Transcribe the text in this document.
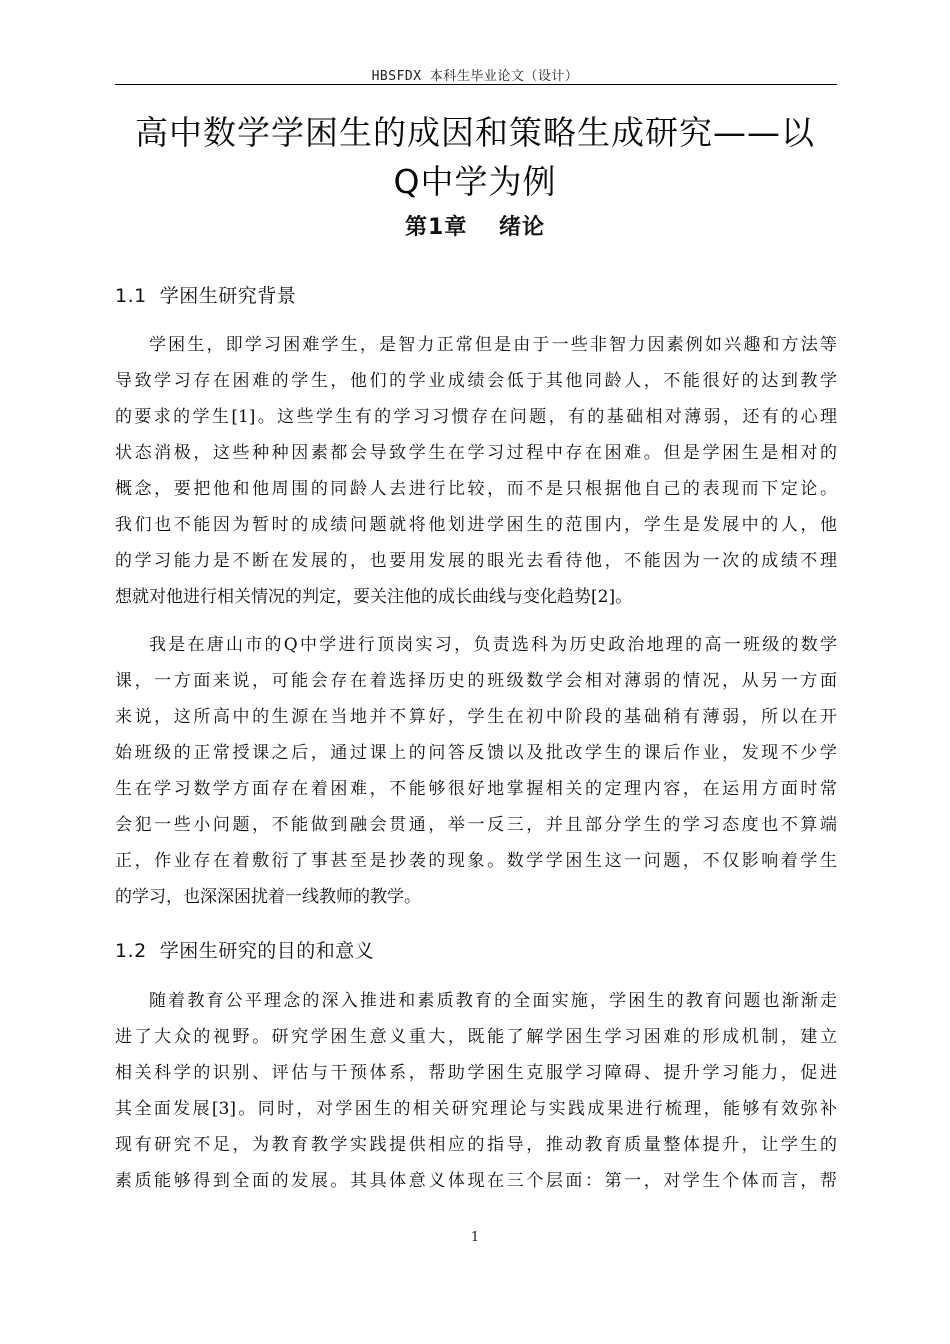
HBSFDX 本科生毕业论文（设计）
高中数学学困生的成因和策略生成研究——以
Q中学为例
第1章　 绪论
1.1  学困生研究背景
学困生，即学习困难学生，是智力正常但是由于一些非智力因素例如兴趣和方法等
导致学习存在困难的学生，他们的学业成绩会低于其他同龄人，不能很好的达到教学
的要求的学生[1]。这些学生有的学习习惯存在问题，有的基础相对薄弱，还有的心理
状态消极，这些种种因素都会导致学生在学习过程中存在困难。但是学困生是相对的
概念，要把他和他周围的同龄人去进行比较，而不是只根据他自己的表现而下定论。
我们也不能因为暂时的成绩问题就将他划进学困生的范围内，学生是发展中的人，他
的学习能力是不断在发展的，也要用发展的眼光去看待他，不能因为一次的成绩不理
想就对他进行相关情况的判定，要关注他的成长曲线与变化趋势[2]。
我是在唐山市的Q中学进行顶岗实习，负责选科为历史政治地理的高一班级的数学
课，一方面来说，可能会存在着选择历史的班级数学会相对薄弱的情况，从另一方面
来说，这所高中的生源在当地并不算好，学生在初中阶段的基础稍有薄弱，所以在开
始班级的正常授课之后，通过课上的问答反馈以及批改学生的课后作业，发现不少学
生在学习数学方面存在着困难，不能够很好地掌握相关的定理内容，在运用方面时常
会犯一些小问题，不能做到融会贯通，举一反三，并且部分学生的学习态度也不算端
正，作业存在着敷衍了事甚至是抄袭的现象。数学学困生这一问题，不仅影响着学生
的学习，也深深困扰着一线教师的教学。
1.2  学困生研究的目的和意义
随着教育公平理念的深入推进和素质教育的全面实施，学困生的教育问题也渐渐走
进了大众的视野。研究学困生意义重大，既能了解学困生学习困难的形成机制，建立
相关科学的识别、评估与干预体系，帮助学困生克服学习障碍、提升学习能力，促进
其全面发展[3]。同时，对学困生的相关研究理论与实践成果进行梳理，能够有效弥补
现有研究不足，为教育教学实践提供相应的指导，推动教育质量整体提升，让学生的
素质能够得到全面的发展。其具体意义体现在三个层面：第一，对学生个体而言，帮
1
